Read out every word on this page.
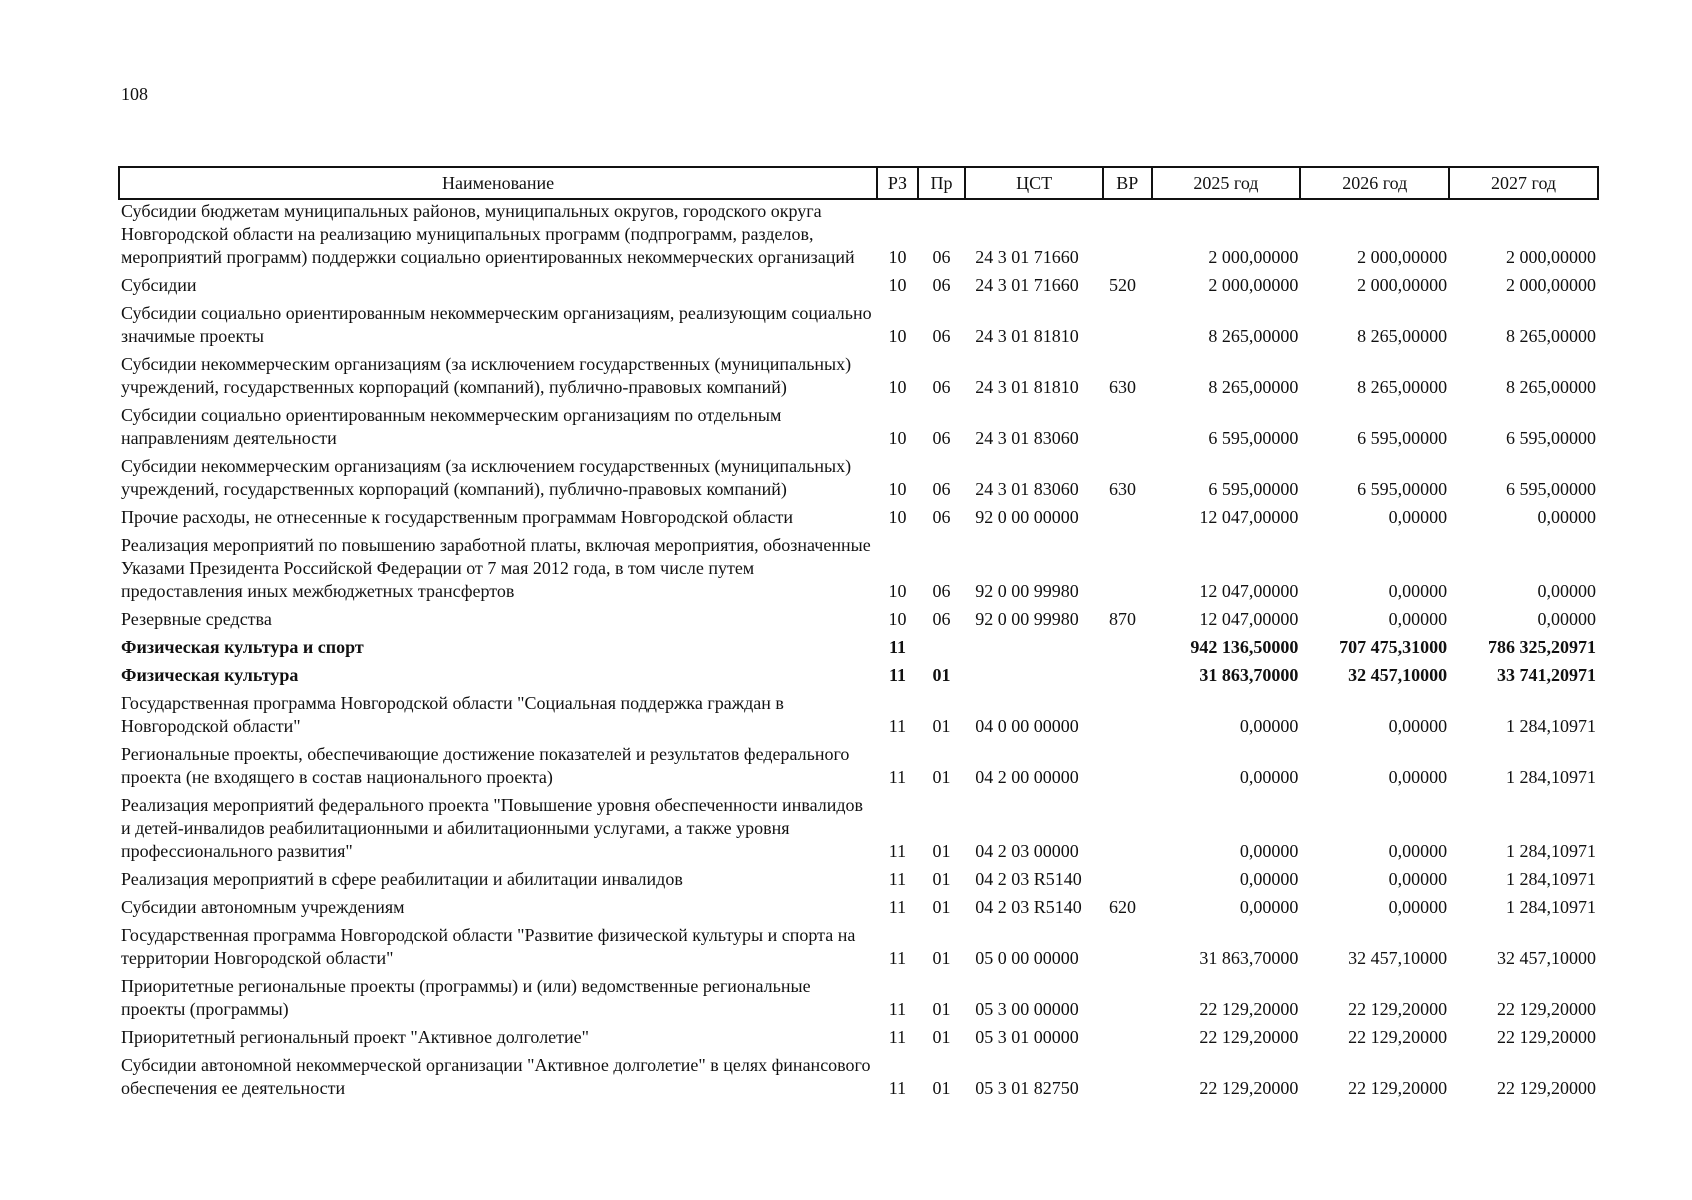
108
Наименование	РЗ	Пр	ЦСТ	ВР	2025 год	2026 год	2027 год
Субсидии бюджетам муниципальных районов, муниципальных округов, городского округа Новгородской области на реализацию муниципальных программ (подпрограмм, разделов, мероприятий программ) поддержки социально ориентированных некоммерческих организаций	10	06	24 3 01 71660		2 000,00000	2 000,00000	2 000,00000
Субсидии	10	06	24 3 01 71660	520	2 000,00000	2 000,00000	2 000,00000
Субсидии социально ориентированным некоммерческим организациям, реализующим социально значимые проекты	10	06	24 3 01 81810		8 265,00000	8 265,00000	8 265,00000
Субсидии некоммерческим организациям (за исключением государственных (муниципальных) учреждений, государственных корпораций (компаний), публично-правовых компаний)	10	06	24 3 01 81810	630	8 265,00000	8 265,00000	8 265,00000
Субсидии социально ориентированным некоммерческим организациям по отдельным направлениям деятельности	10	06	24 3 01 83060		6 595,00000	6 595,00000	6 595,00000
Субсидии некоммерческим организациям (за исключением государственных (муниципальных) учреждений, государственных корпораций (компаний), публично-правовых компаний)	10	06	24 3 01 83060	630	6 595,00000	6 595,00000	6 595,00000
Прочие расходы, не отнесенные к государственным программам Новгородской области	10	06	92 0 00 00000		12 047,00000	0,00000	0,00000
Реализация мероприятий по повышению заработной платы, включая мероприятия, обозначенные Указами Президента Российской Федерации от 7 мая 2012 года, в том числе путем предоставления иных межбюджетных трансфертов	10	06	92 0 00 99980		12 047,00000	0,00000	0,00000
Резервные средства	10	06	92 0 00 99980	870	12 047,00000	0,00000	0,00000
Физическая культура и спорт	11				942 136,50000	707 475,31000	786 325,20971
Физическая культура	11	01			31 863,70000	32 457,10000	33 741,20971
Государственная программа Новгородской области "Социальная поддержка граждан в Новгородской области"	11	01	04 0 00 00000		0,00000	0,00000	1 284,10971
Региональные проекты, обеспечивающие достижение показателей и результатов федерального проекта (не входящего в состав национального проекта)	11	01	04 2 00 00000		0,00000	0,00000	1 284,10971
Реализация мероприятий федерального проекта "Повышение уровня обеспеченности инвалидов и детей-инвалидов реабилитационными и абилитационными услугами, а также уровня профессионального развития"	11	01	04 2 03 00000		0,00000	0,00000	1 284,10971
Реализация мероприятий в сфере реабилитации и абилитации инвалидов	11	01	04 2 03 R5140		0,00000	0,00000	1 284,10971
Субсидии автономным учреждениям	11	01	04 2 03 R5140	620	0,00000	0,00000	1 284,10971
Государственная программа Новгородской области "Развитие физической культуры и спорта на территории Новгородской области"	11	01	05 0 00 00000		31 863,70000	32 457,10000	32 457,10000
Приоритетные региональные проекты (программы) и (или) ведомственные региональные проекты (программы)	11	01	05 3 00 00000		22 129,20000	22 129,20000	22 129,20000
Приоритетный региональный проект "Активное долголетие"	11	01	05 3 01 00000		22 129,20000	22 129,20000	22 129,20000
Субсидии автономной некоммерческой организации "Активное долголетие" в целях финансового обеспечения ее деятельности	11	01	05 3 01 82750		22 129,20000	22 129,20000	22 129,20000
